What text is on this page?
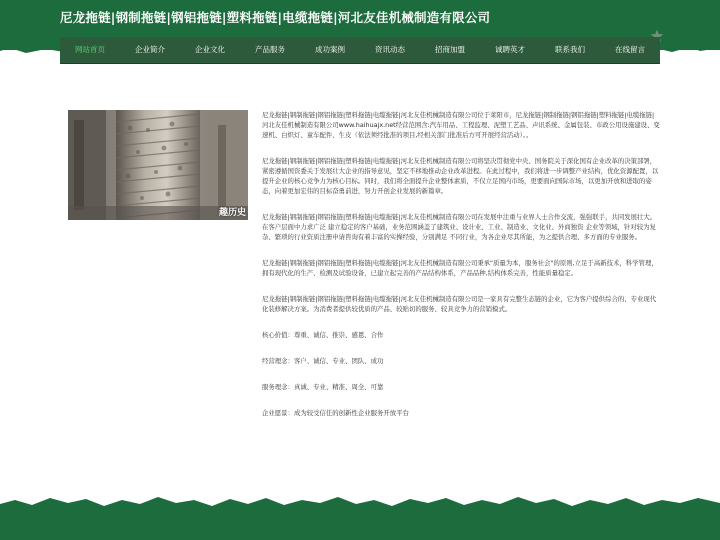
尼龙拖链|钢制拖链|钢铝拖链|塑料拖链|电缆拖链|河北友佳机械制造有限公司
网站首页	企业简介	企业文化	产品服务	成功案例	资讯动态	招商加盟	诚聘英才	联系我们	在线留言
趣历史

尼龙拖链|钢制拖链|钢铝拖链|塑料拖链|电缆拖链|河北友佳机械制造有限公司位于莱阳市，尼龙拖链|钢制拖链|钢铝拖链|塑料拖链|电缆拖链|河北友佳机械制造有限公司www.haihuajx.net经营范围含:汽车用品、工程监理、泥塑工艺品、声讯系统、金属包装、市政公用设施建设、变速机、白炽灯、童车配件、生皮（依法须经批准的项目,经相关部门批准后方可开展经营活动）。。

尼龙拖链|钢制拖链|钢铝拖链|塑料拖链|电缆拖链|河北友佳机械制造有限公司将坚决贯彻党中央、国务院关于深化国有企业改革的决策部署，紧密遵循国资委关于发展壮大企业的指导意见，坚定不移地推动企业改革进程。在此过程中，我们将进一步调整产业结构，优化资源配置，以提升企业的核心竞争力为核心目标。同时，我们将全面提升企业整体素质，不仅立足国内市场，更要面向国际市场，以更加开放和进取的姿态，向着更加宏伟的目标奋勇前进，努力开创企业发展的新篇章。

尼龙拖链|钢制拖链|钢铝拖链|塑料拖链|电缆拖链|河北友佳机械制造有限公司在发展中注重与业界人士合作交流，强强联手，共同发展壮大。在客户层面中力求广泛 建立稳定的客户基础，业务范围涵盖了建筑业、设计业、工业、制造业、文化业、外商独资 企业等领域，针对较为复杂、繁琐的行业资质注册申请咨询有着丰富的实操经验，分别满足 不同行业，为各企业尽其所能，为之提供合理、多方面的专业服务。

尼龙拖链|钢制拖链|钢铝拖链|塑料拖链|电缆拖链|河北友佳机械制造有限公司秉承"质量为本，服务社会"的原则,立足于高新技术，科学管理，拥有现代化的生产、检测及试验设备，已建立起完善的产品结构体系，产品品种,结构体系完善，性能质量稳定。

尼龙拖链|钢制拖链|钢铝拖链|塑料拖链|电缆拖链|河北友佳机械制造有限公司是一家具有完整生态链的企业，它为客户提供综合的、专业现代化装修解决方案。为消费者提供较优质的产品、较贴切的服务、较具竞争力的营销模式。

核心价值：尊重、诚信、推崇、感恩、合作

经营理念：客户、诚信、专业、团队、成功

服务理念：真诚、专业、精准、周全、可靠

企业愿景：成为较受信任的创新性企业服务开放平台
